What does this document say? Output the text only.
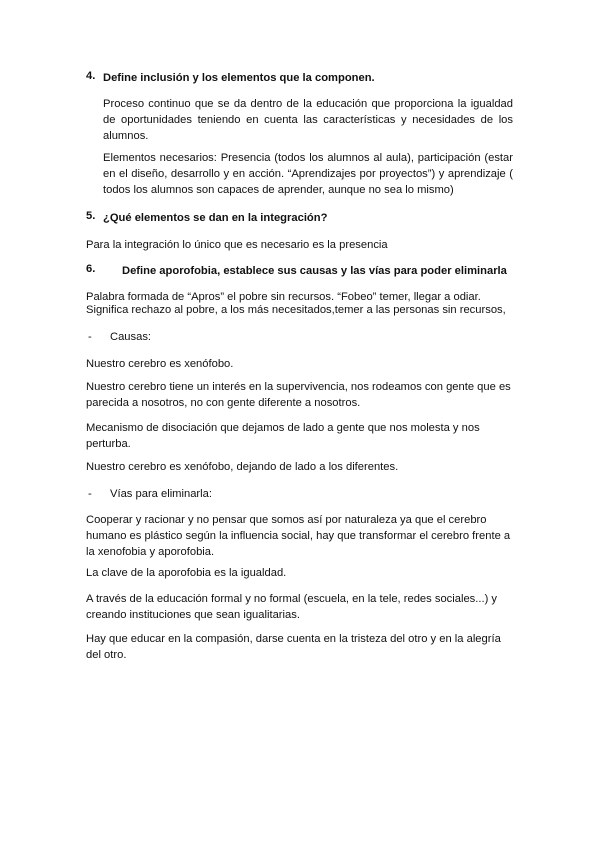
4. Define inclusión y los elementos que la componen.

Proceso continuo que se da dentro de la educación que proporciona la igualdad de oportunidades teniendo en cuenta las características y necesidades de los alumnos.

Elementos necesarios: Presencia (todos los alumnos al aula), participación (estar en el diseño, desarrollo y en acción. “Aprendizajes por proyectos”) y aprendizaje ( todos los alumnos son capaces de aprender, aunque no sea lo mismo)

5. ¿Qué elementos se dan en la integración?

Para la integración lo único que es necesario es la presencia

6. Define aporofobia, establece sus causas y las vías para poder eliminarla

Palabra formada de “Apros” el pobre sin recursos. “Fobeo” temer, llegar a odiar.

Significa rechazo al pobre, a los más necesitados,temer a las personas sin recursos,

- Causas:

Nuestro cerebro es xenófobo.

Nuestro cerebro tiene un interés en la supervivencia, nos rodeamos con gente que es parecida a nosotros, no con gente diferente a nosotros.

Mecanismo de disociación que dejamos de lado a gente que nos molesta y nos perturba.

Nuestro cerebro es xenófobo, dejando de lado a los diferentes.

- Vías para eliminarla:

Cooperar y racionar y no pensar que somos así por naturaleza ya que el cerebro humano es plástico según la influencia social, hay que transformar el cerebro frente a la xenofobia y aporofobia.

La clave de la aporofobia es la igualdad.

A través de la educación formal y no formal (escuela, en la tele, redes sociales...) y creando instituciones que sean igualitarias.

Hay que educar en la compasión, darse cuenta en la tristeza del otro y en la alegría del otro.
